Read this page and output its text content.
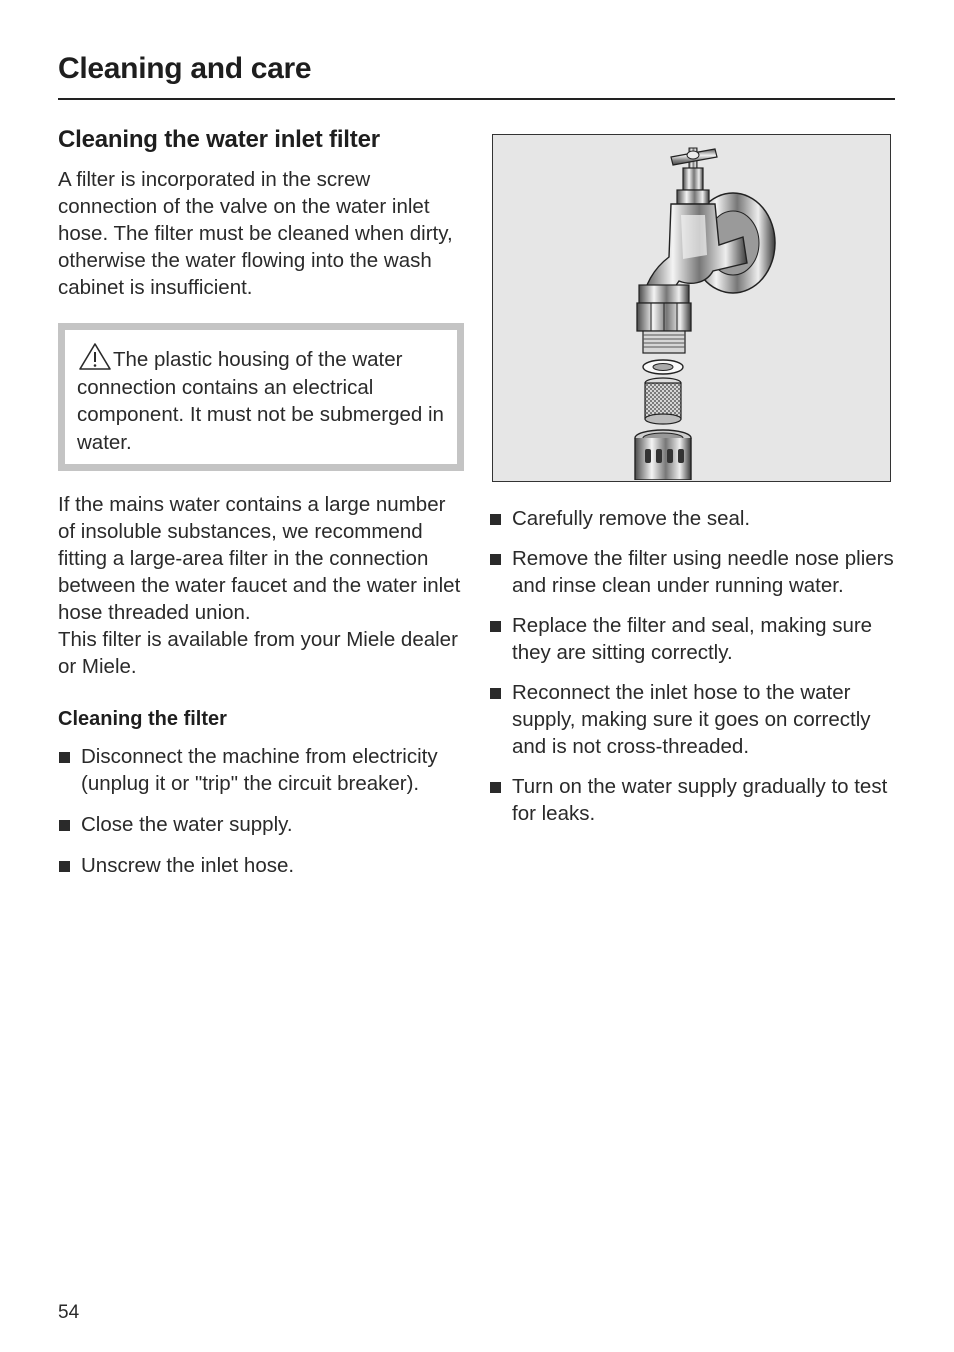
Cleaning and care
Cleaning the water inlet filter

A filter is incorporated in the screw connection of the valve on the water inlet hose. The filter must be cleaned when dirty, otherwise the water flowing into the wash cabinet is insufficient.

The plastic housing of the water connection contains an electrical component. It must not be submerged in water.

If the mains water contains a large number of insoluble substances, we recommend fitting a large-area filter in the connection between the water faucet and the water inlet hose threaded union.

This filter is available from your Miele dealer or Miele.

Cleaning the filter
Disconnect the machine from electricity (unplug it or "trip" the circuit breaker).
Close the water supply.
Unscrew the inlet hose.
Carefully remove the seal.
Remove the filter using needle nose pliers and rinse clean under running water.
Replace the filter and seal, making sure they are sitting correctly.
Reconnect the inlet hose to the water supply, making sure it goes on correctly and is not cross-threaded.
Turn on the water supply gradually to test for leaks.
54
